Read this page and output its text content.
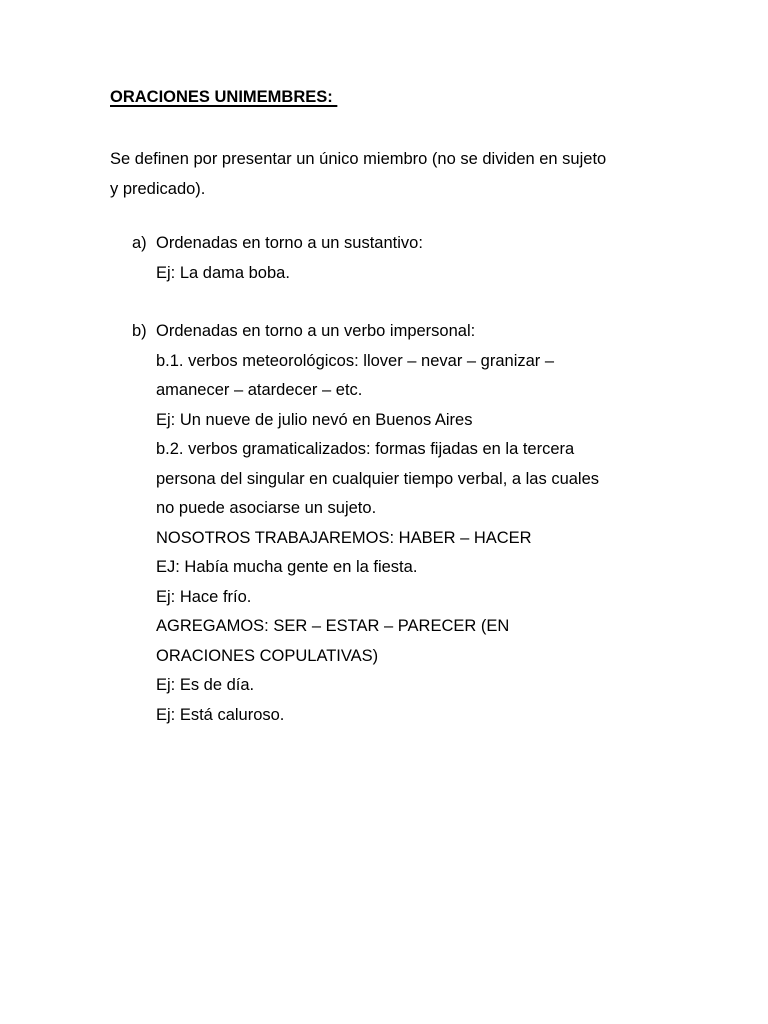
ORACIONES UNIMEMBRES:

Se definen por presentar un único miembro (no se dividen en sujeto

y predicado).

a) Ordenadas en torno a un sustantivo:

Ej: La dama boba.

b) Ordenadas en torno a un verbo impersonal:

b.1. verbos meteorológicos: llover – nevar – granizar –

amanecer – atardecer – etc.

Ej: Un nueve de julio nevó en Buenos Aires

b.2. verbos gramaticalizados: formas fijadas en la tercera

persona del singular en cualquier tiempo verbal, a las cuales

no puede asociarse un sujeto.

NOSOTROS TRABAJAREMOS: HABER – HACER

EJ: Había mucha gente en la fiesta.

Ej: Hace frío.

AGREGAMOS: SER – ESTAR – PARECER (EN

ORACIONES COPULATIVAS)

Ej: Es de día.

Ej: Está caluroso.
